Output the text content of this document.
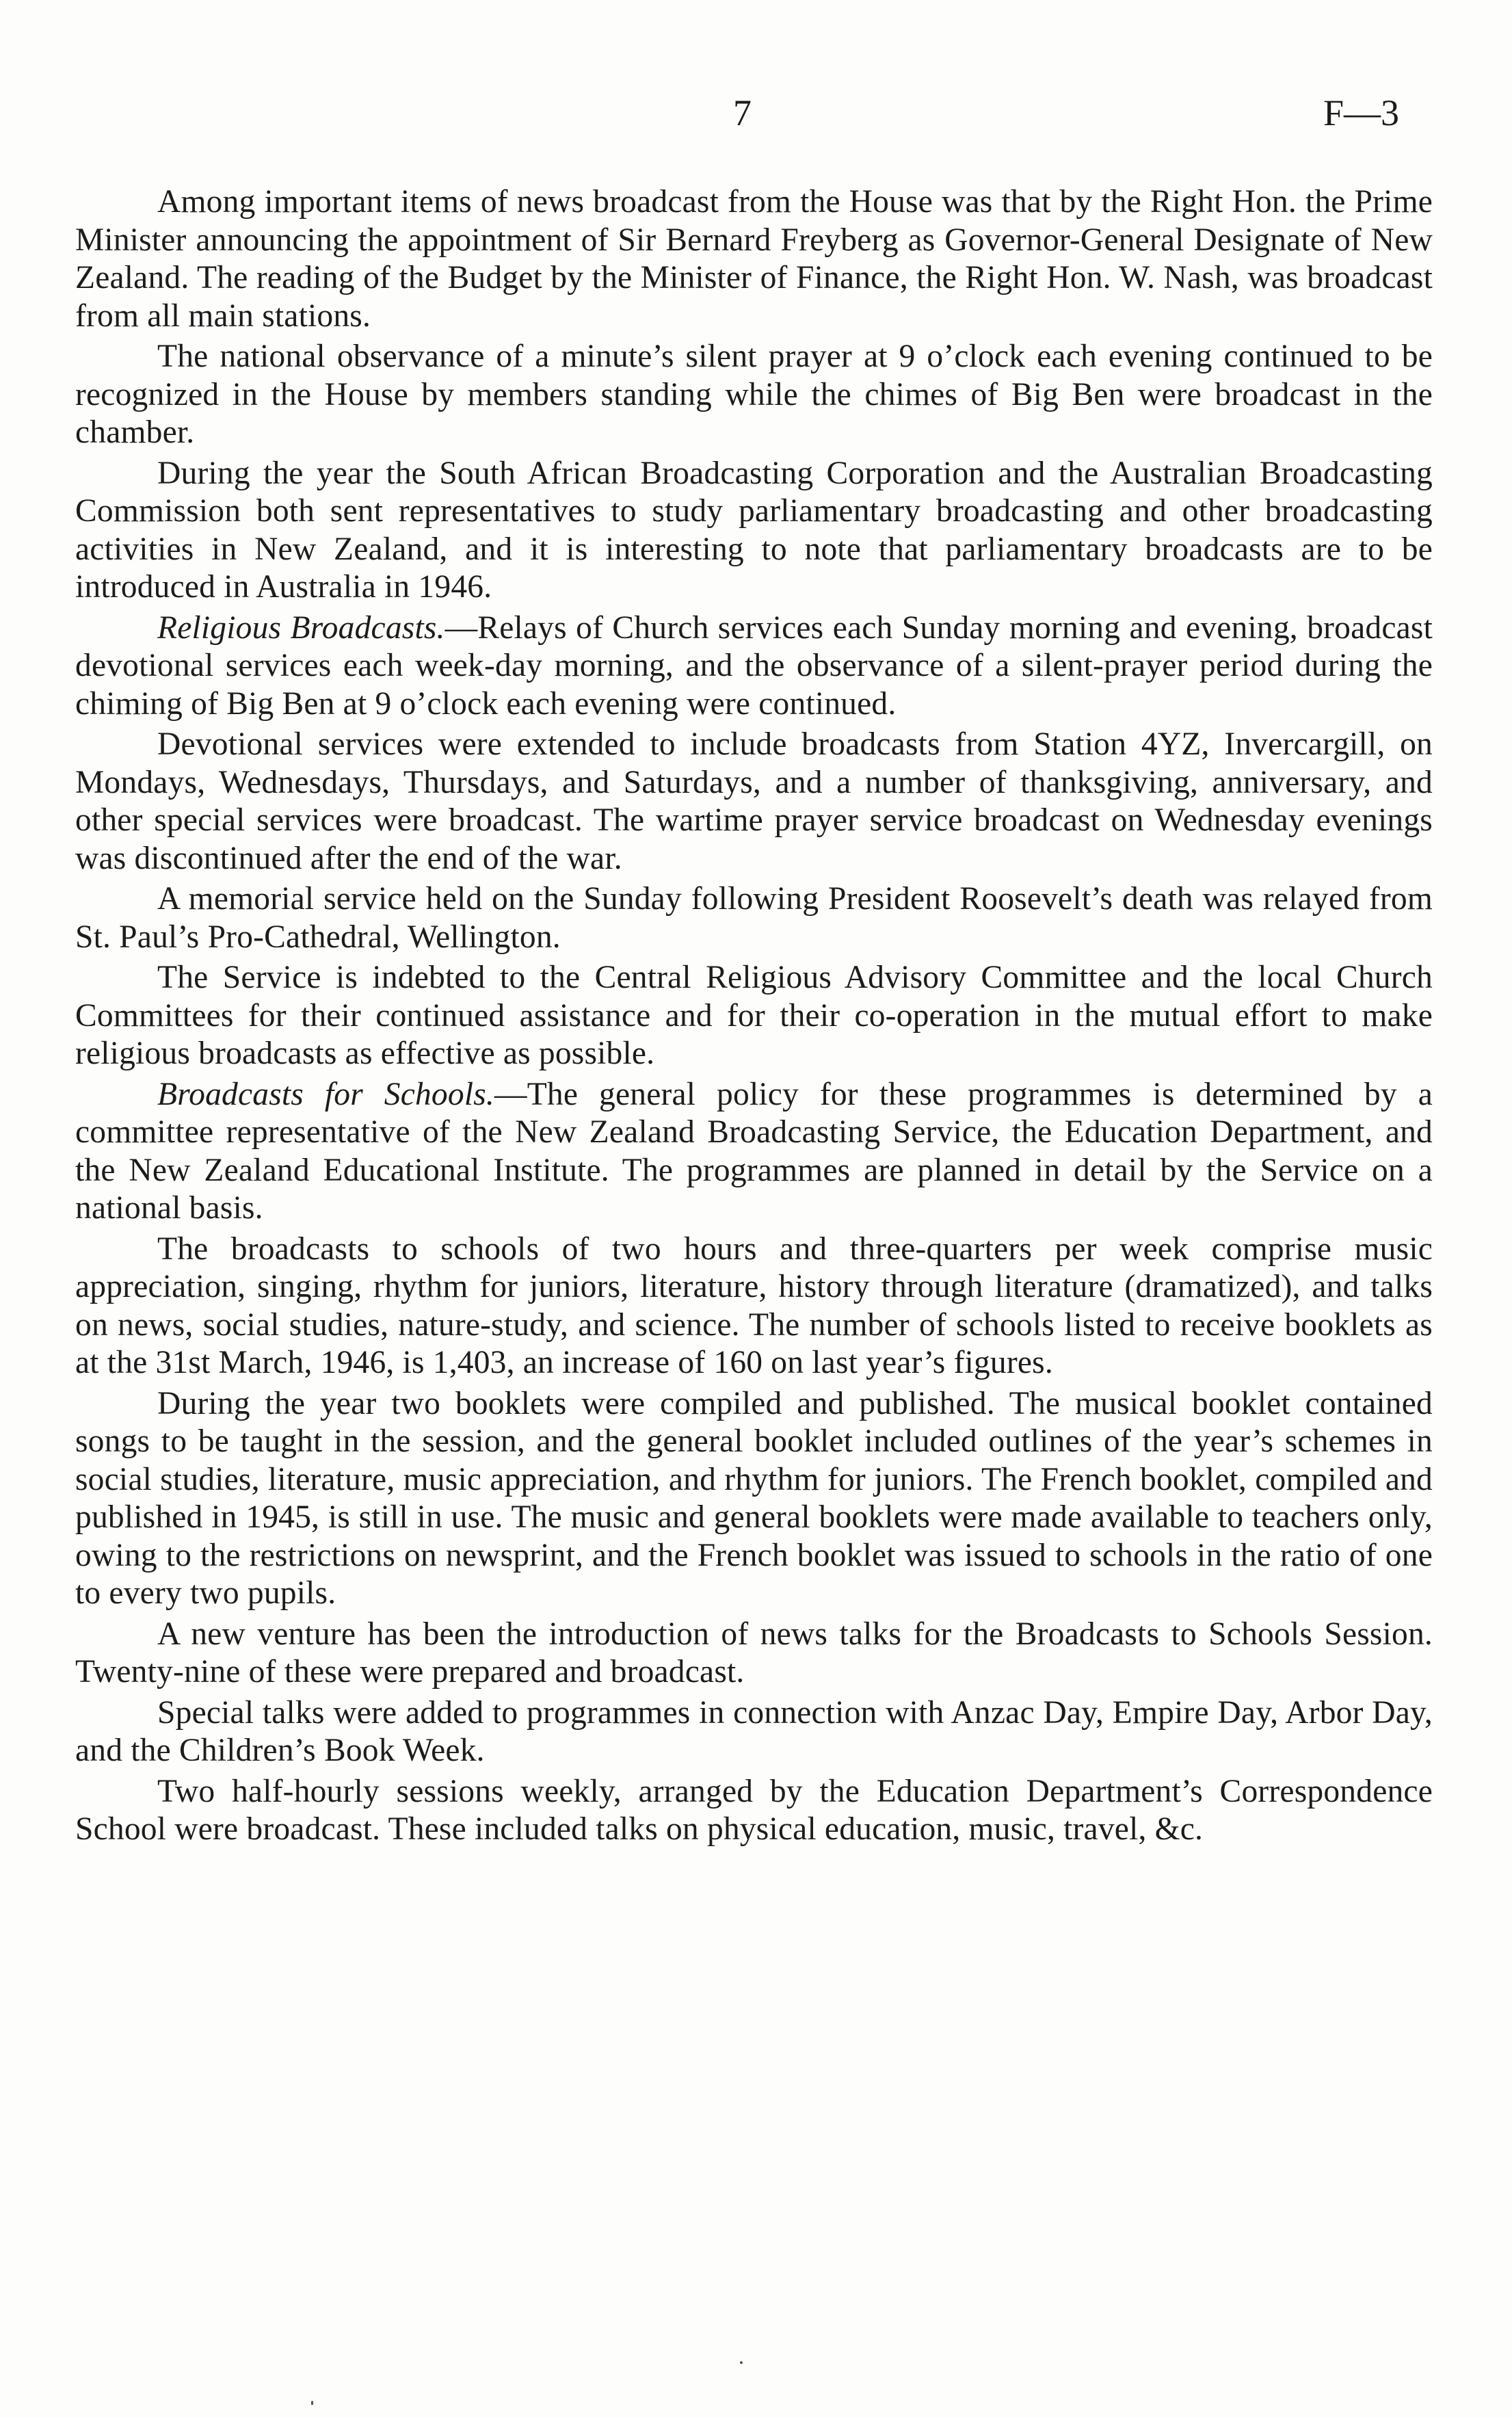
7	F—3

Among important items of news broadcast from the House was that by the Right Hon. the Prime Minister announcing the appointment of Sir Bernard Freyberg as Governor-General Designate of New Zealand. The reading of the Budget by the Minister of Finance, the Right Hon. W. Nash, was broadcast from all main stations.

The national observance of a minute’s silent prayer at 9 o’clock each evening continued to be recognized in the House by members standing while the chimes of Big Ben were broadcast in the chamber.

During the year the South African Broadcasting Corporation and the Australian Broadcasting Commission both sent representatives to study parliamentary broadcasting and other broadcasting activities in New Zealand, and it is interesting to note that parliamentary broadcasts are to be introduced in Australia in 1946.

Religious Broadcasts.—Relays of Church services each Sunday morning and evening, broadcast devotional services each week-day morning, and the observance of a silent-prayer period during the chiming of Big Ben at 9 o’clock each evening were continued.

Devotional services were extended to include broadcasts from Station 4YZ, Invercargill, on Mondays, Wednesdays, Thursdays, and Saturdays, and a number of thanksgiving, anniversary, and other special services were broadcast. The wartime prayer service broadcast on Wednesday evenings was discontinued after the end of the war.

A memorial service held on the Sunday following President Roosevelt’s death was relayed from St. Paul’s Pro-Cathedral, Wellington.

The Service is indebted to the Central Religious Advisory Committee and the local Church Committees for their continued assistance and for their co-operation in the mutual effort to make religious broadcasts as effective as possible.

Broadcasts for Schools.—The general policy for these programmes is determined by a committee representative of the New Zealand Broadcasting Service, the Education Department, and the New Zealand Educational Institute. The programmes are planned in detail by the Service on a national basis.

The broadcasts to schools of two hours and three-quarters per week comprise music appreciation, singing, rhythm for juniors, literature, history through literature (dramatized), and talks on news, social studies, nature-study, and science. The number of schools listed to receive booklets as at the 31st March, 1946, is 1,403, an increase of 160 on last year’s figures.

During the year two booklets were compiled and published. The musical booklet contained songs to be taught in the session, and the general booklet included outlines of the year’s schemes in social studies, literature, music appreciation, and rhythm for juniors. The French booklet, compiled and published in 1945, is still in use. The music and general booklets were made available to teachers only, owing to the restrictions on newsprint, and the French booklet was issued to schools in the ratio of one to every two pupils.

A new venture has been the introduction of news talks for the Broadcasts to Schools Session. Twenty-nine of these were prepared and broadcast.

Special talks were added to programmes in connection with Anzac Day, Empire Day, Arbor Day, and the Children’s Book Week.

Two half-hourly sessions weekly, arranged by the Education Department’s Correspondence School were broadcast. These included talks on physical education, music, travel, &c.
